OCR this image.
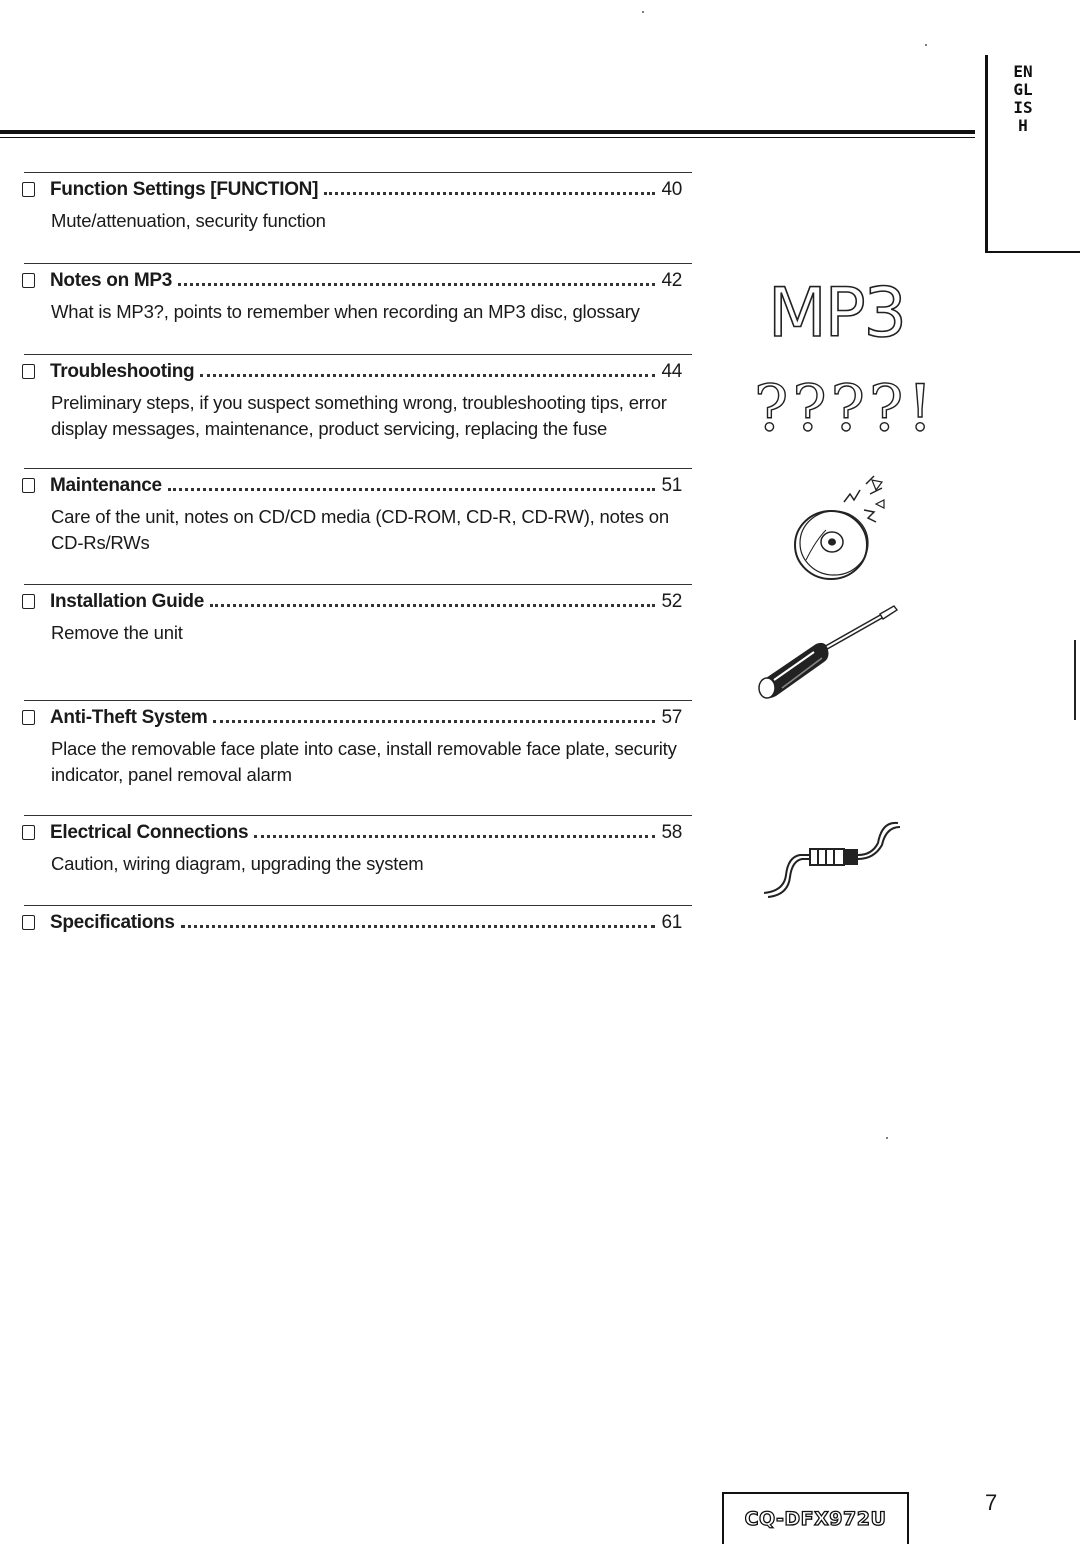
ENGLISH
Function Settings [FUNCTION]	40
Mute/attenuation, security function
Notes on MP3	42
What is MP3?, points to remember when recording an MP3 disc, glossary
Troubleshooting	44
Preliminary steps, if you suspect something wrong, troubleshooting tips, error display messages, maintenance, product servicing, replacing the fuse
Maintenance	51
Care of the unit, notes on CD/CD media (CD-ROM, CD-R, CD-RW), notes on CD-Rs/RWs
Installation Guide	52
Remove the unit
Anti-Theft System	57
Place the removable face plate into case, install removable face plate, security indicator, panel removal alarm
Electrical Connections	58
Caution, wiring diagram, upgrading the system
Specifications	61
MP3
????!
CQ-DFX972U
7
